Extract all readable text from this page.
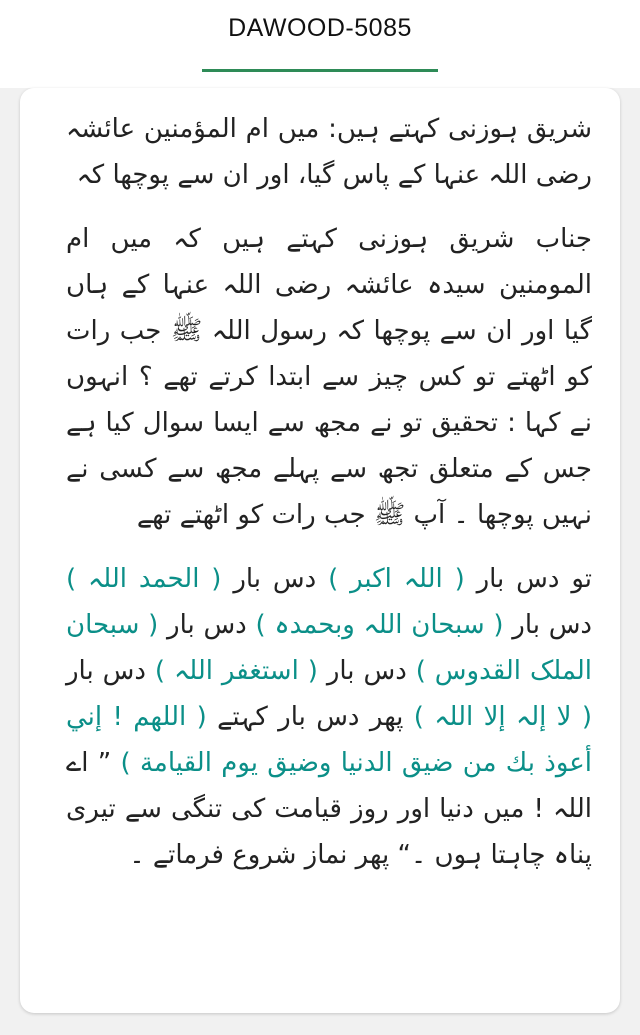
DAWOOD-5085

شریق ہوزنی کہتے ہیں: میں ام المؤمنین عائشہ رضی اللہ عنہا کے پاس گیا، اور ان سے پوچھا کہ

جناب شریق ہوزنی کہتے ہیں کہ میں ام المومنین سیدہ عائشہ رضی اللہ عنہا کے ہاں گیا اور ان سے پوچھا کہ رسول اللہ ﷺ جب رات کو اٹھتے تو کس چیز سے ابتدا کرتے تھے ؟ انہوں نے کہا : تحقیق تو نے مجھ سے ایسا سوال کیا ہے جس کے متعلق تجھ سے پہلے مجھ سے کسی نے نہیں پوچھا ۔ آپ ﷺ جب رات کو اٹھتے تھے

تو دس بار ( اللہ اکبر ) دس بار ( الحمد اللہ ) دس بار ( سبحان اللہ وبحمدہ ) دس بار ( سبحان الملک القدوس ) دس بار ( استغفر اللہ ) دس بار ( لا إلہ إلا اللہ ) پھر دس بار کہتے ( اللهم ! إني أعوذ بك من ضيق الدنيا وضيق يوم القيامة ) ” اے اللہ ! میں دنیا اور روز قیامت کی تنگی سے تیری پناہ چاہتا ہوں ۔“ پھر نماز شروع فرماتے ۔
